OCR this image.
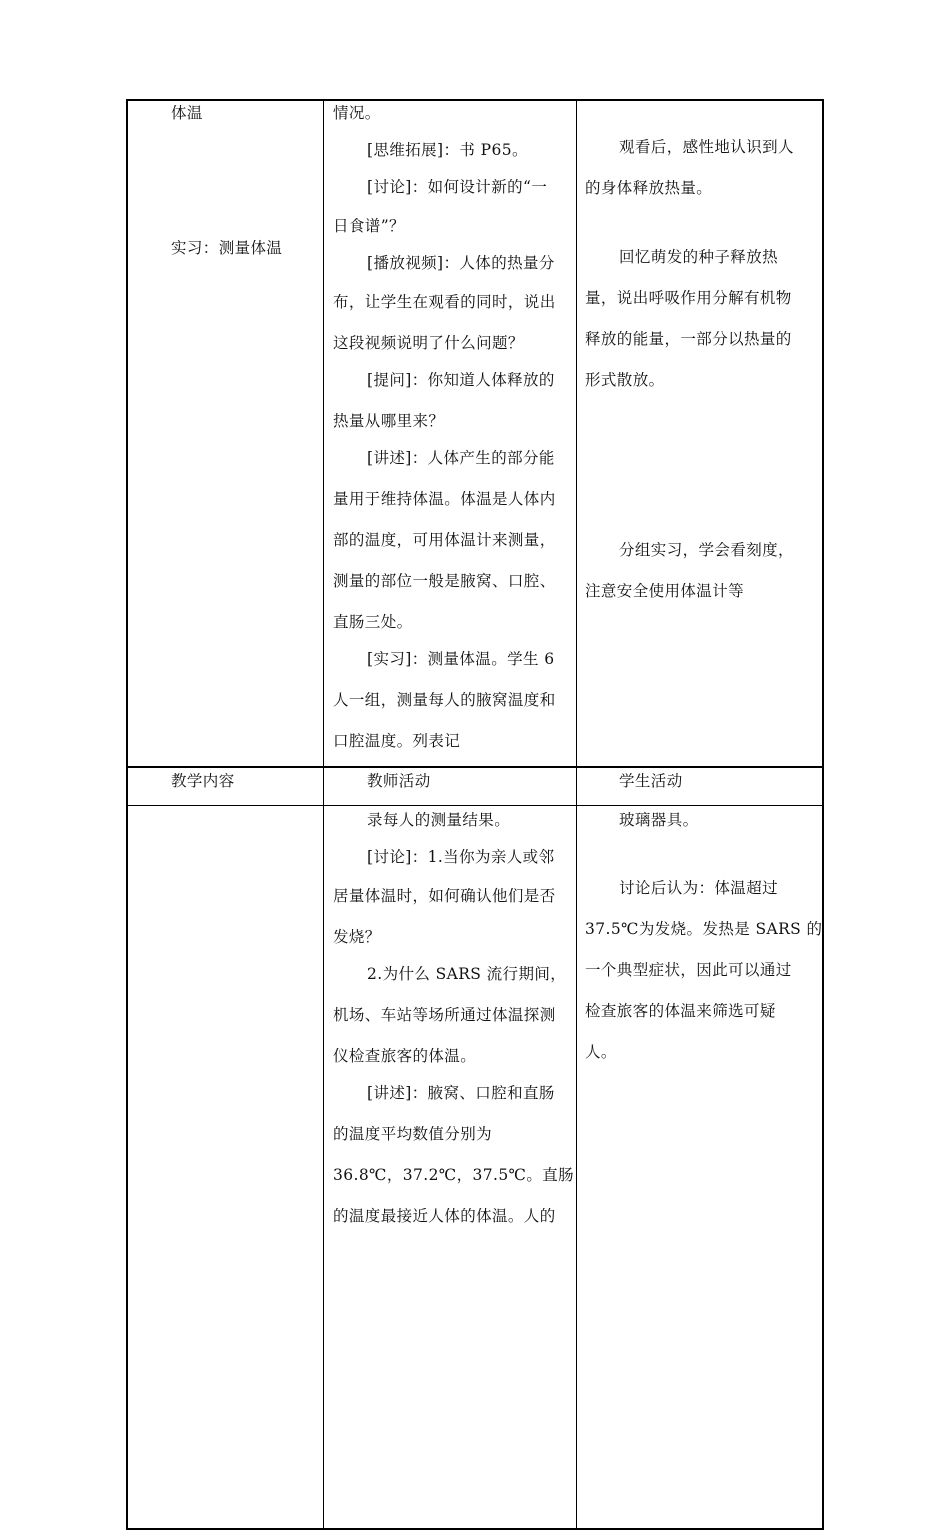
体温
实习：测量体温
情况。
[思维拓展]：书 P65。
[讨论]：如何设计新的“一
日食谱”？
[播放视频]：人体的热量分
布，让学生在观看的同时，说出
这段视频说明了什么问题？
[提问]：你知道人体释放的
热量从哪里来？
[讲述]：人体产生的部分能
量用于维持体温。体温是人体内
部的温度，可用体温计来测量，
测量的部位一般是腋窝、口腔、
直肠三处。
[实习]：测量体温。学生 6
人一组，测量每人的腋窝温度和
口腔温度。列表记
观看后，感性地认识到人
的身体释放热量。
回忆萌发的种子释放热
量，说出呼吸作用分解有机物
释放的能量，一部分以热量的
形式散放。
分组实习，学会看刻度，
注意安全使用体温计等
教学内容	教师活动	学生活动
录每人的测量结果。
[讨论]：1.当你为亲人或邻
居量体温时，如何确认他们是否
发烧？
2.为什么 SARS 流行期间，
机场、车站等场所通过体温探测
仪检查旅客的体温。
[讲述]：腋窝、口腔和直肠
的温度平均数值分别为
36.8℃，37.2℃，37.5℃。直肠
的温度最接近人体的体温。人的
玻璃器具。
讨论后认为：体温超过
37.5℃为发烧。发热是 SARS 的
一个典型症状，因此可以通过
检查旅客的体温来筛选可疑
人。
